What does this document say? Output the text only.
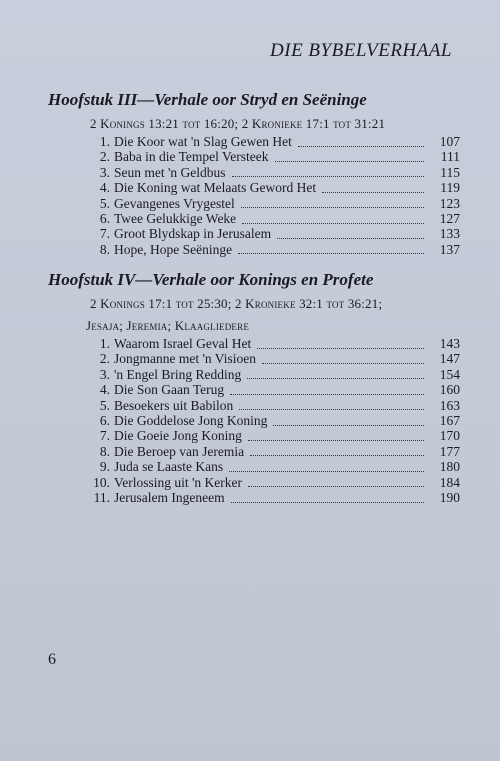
DIE BYBELVERHAAL
Hoofstuk III—Verhale oor Stryd en Seëninge
2 Konings 13:21 tot 16:20; 2 Kronieke 17:1 tot 31:21
1. Die Koor wat 'n Slag Gewen Het	107
2. Baba in die Tempel Versteek	111
3. Seun met 'n Geldbus	115
4. Die Koning wat Melaats Geword Het	119
5. Gevangenes Vrygestel	123
6. Twee Gelukkige Weke	127
7. Groot Blydskap in Jerusalem	133
8. Hope, Hope Seëninge	137
Hoofstuk IV—Verhale oor Konings en Profete
2 Konings 17:1 tot 25:30; 2 Kronieke 32:1 tot 36:21;
Jesaja; Jeremia; Klaagliedere
1. Waarom Israel Geval Het	143
2. Jongmanne met 'n Visioen	147
3. 'n Engel Bring Redding	154
4. Die Son Gaan Terug	160
5. Besoekers uit Babilon	163
6. Die Goddelose Jong Koning	167
7. Die Goeie Jong Koning	170
8. Die Beroep van Jeremia	177
9. Juda se Laaste Kans	180
10. Verlossing uit 'n Kerker	184
11. Jerusalem Ingeneem	190
6
